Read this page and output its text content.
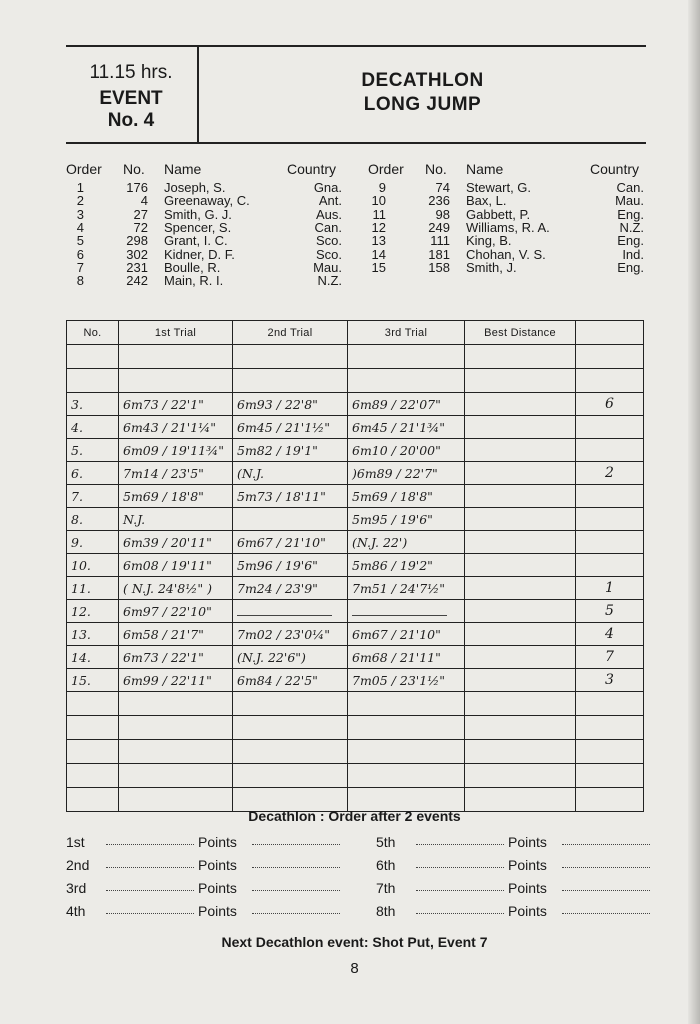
11.15 hrs.
EVENT
No. 4
DECATHLON
LONG JUMP
Order No. Name	Country Order No. Name	Country
1	176 Joseph, S.	Gna.
2	4 Greenaway, C.	Ant.
3	27 Smith, G. J.	Aus.
4	72 Spencer, S.	Can.
5	298 Grant, I. C.	Sco.
6	302 Kidner, D. F.	Sco.
7	231 Boulle, R.	Mau.
8	242 Main, R. I.	N.Z.
9	74 Stewart, G.	Can.
10	236 Bax, L.	Mau.
11	98 Gabbett, P.	Eng.
12	249 Williams, R. A.	N.Z.
13	111 King, B.	Eng.
14	181 Chohan, V. S.	Ind.
15	158 Smith, J.	Eng.
No.	1st Trial	2nd Trial	3rd Trial	Best Distance	

3.	6m73 / 22'1"	6m93 / 22'8"	6m89 / 22'07"		6
4.	6m43 / 21'1¼"	6m45 / 21'1½"	6m45 / 21'1¾"		
5.	6m09 / 19'11¾"	5m82 / 19'1"	6m10 / 20'00"		
6.	7m14 / 23'5"	(N.J.	)6m89 / 22'7"		2
7.	5m69 / 18'8"	5m73 / 18'11"	5m69 / 18'8"		
8.	N.J.		5m95 / 19'6"		
9.	6m39 / 20'11"	6m67 / 21'10"	(N.J. 22')		
10.	6m08 / 19'11"	5m96 / 19'6"	5m86 / 19'2"		
11.	( N.J. 24'8½" )	7m24 / 23'9"	7m51 / 24'7½"		1
12.	6m97 / 22'10"				5
13.	6m58 / 21'7"	7m02 / 23'0¼"	6m67 / 21'10"		4
14.	6m73 / 22'1"	(N.J. 22'6")	6m68 / 21'11"		7
15.	6m99 / 22'11"	6m84 / 22'5"	7m05 / 23'1½"		3

Decathlon : Order after 2 events
1st	Points
2nd	Points
3rd	Points
4th	Points
5th	Points
6th	Points
7th	Points
8th	Points
Next Decathlon event: Shot Put, Event 7
8
